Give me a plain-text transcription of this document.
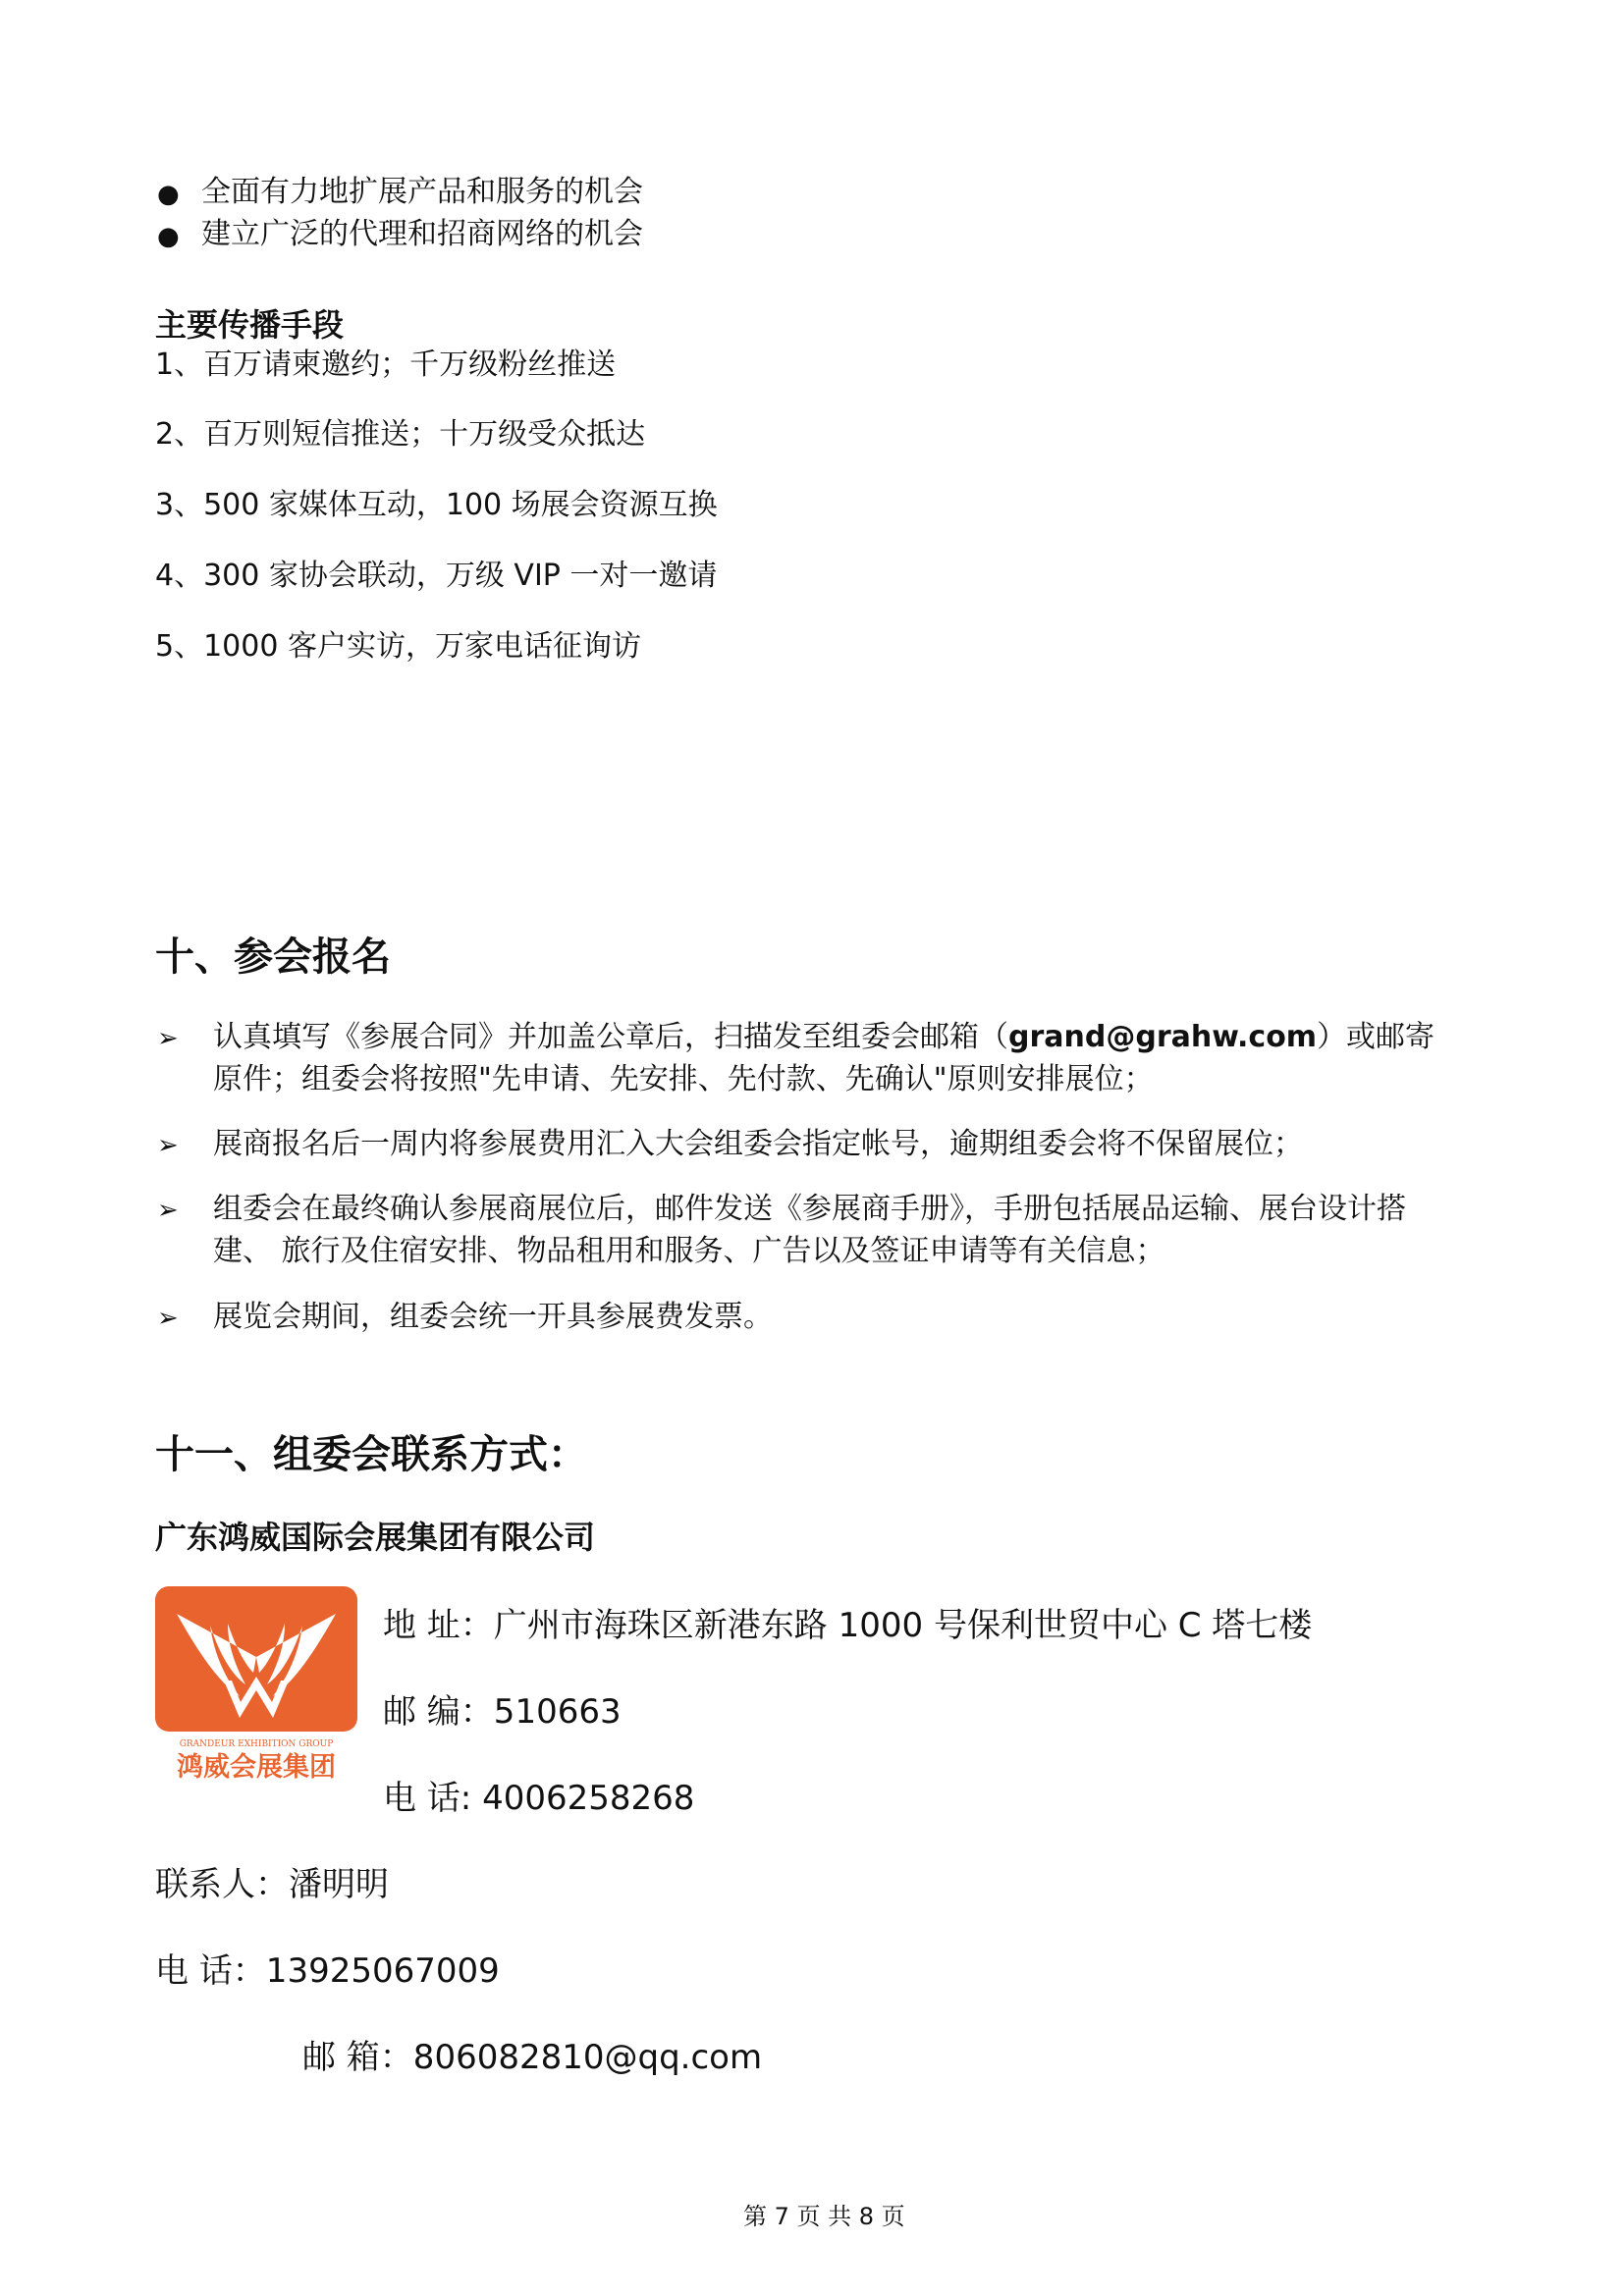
● 全面有力地扩展产品和服务的机会
● 建立广泛的代理和招商网络的机会
主要传播手段
1、百万请柬邀约；千万级粉丝推送
2、百万则短信推送；十万级受众抵达
3、500 家媒体互动，100 场展会资源互换
4、300 家协会联动，万级 VIP 一对一邀请
5、1000 客户实访，万家电话征询访
十、参会报名
➢ 认真填写《参展合同》并加盖公章后，扫描发至组委会邮箱（grand@grahw.com）或邮寄
原件；组委会将按照"先申请、先安排、先付款、先确认"原则安排展位；
➢ 展商报名后一周内将参展费用汇入大会组委会指定帐号，逾期组委会将不保留展位；
➢ 组委会在最终确认参展商展位后，邮件发送《参展商手册》，手册包括展品运输、展台设计搭
建、 旅行及住宿安排、物品租用和服务、广告以及签证申请等有关信息；
➢ 展览会期间，组委会统一开具参展费发票。
十一、组委会联系方式：
广东鸿威国际会展集团有限公司
GRANDEUR EXHIBITION GROUP
鸿威会展集团
地 址：广州市海珠区新港东路 1000 号保利世贸中心 C 塔七楼
邮 编：510663
电 话: 4006258268
联系人：潘明明
电 话：13925067009
邮 箱：806082810@qq.com
第 7 页 共 8 页
